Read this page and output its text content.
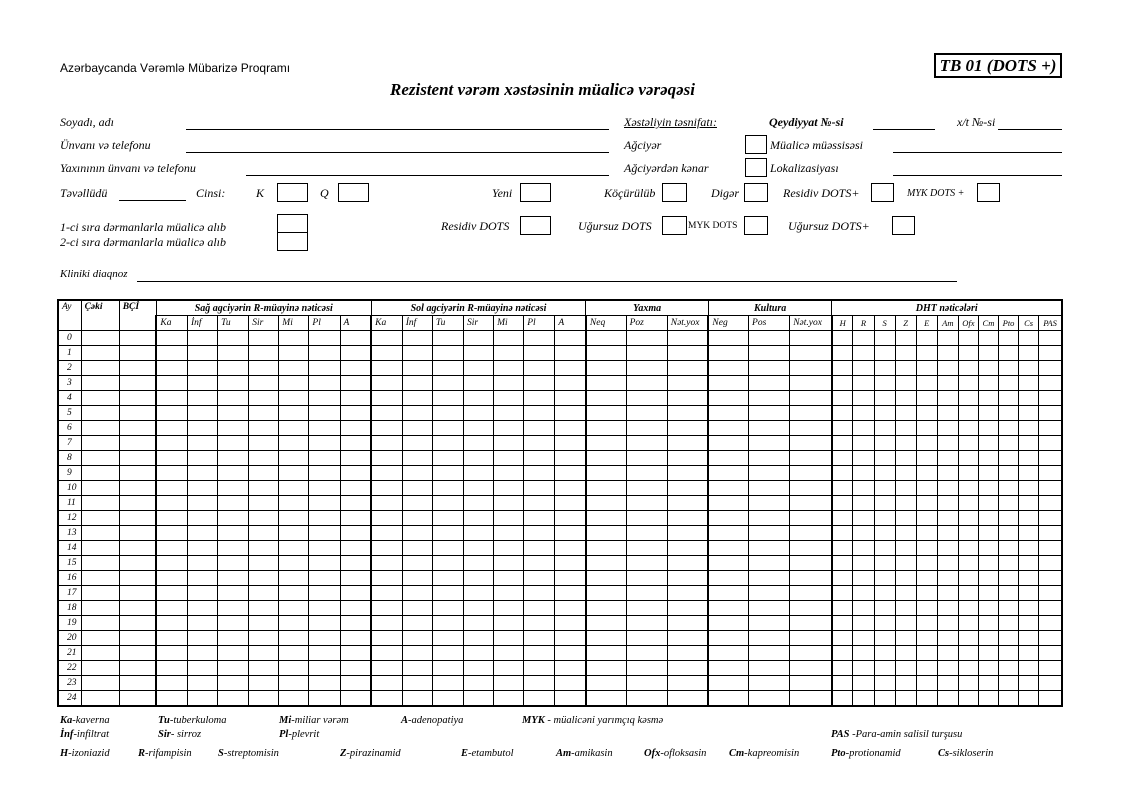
Azərbaycanda Vərəmlə Mübarizə Proqramı	TB 01 (DOTS +)
Rezistent vərəm xəstəsinin müalicə vərəqəsi
Soyadı, adı	Xəstəliyin təsnifatı:	Qeydiyyat №-si	x/t №-si
Ünvanı və telefonu	Ağciyər	Müalicə müəssisəsi
Yaxınının ünvanı və telefonu	Ağciyərdən kənar	Lokalizasiyası
Təvəllüdü	Cinsi:	K	Q	Yeni	Köçürülüb	Digər	Residiv DOTS+	MYK DOTS +
1-ci sıra dərmanlarla müalicə alıb
2-ci sıra dərmanlarla müalicə alıb
Residiv DOTS	Uğursuz DOTS	MYK DOTS	Uğursuz DOTS+
Kliniki diaqnoz
Ay	Çəki	BÇİ	Sağ agciyərin R-müayinə nəticəsi							Sol agciyərin R-müayinə nəticəsi							Yaxma			Kultura			DHT nəticələri										
			Ka	İnf	Tu	Sir	Mi	Pl	A	Ka	İnf	Tu	Sir	Mi	Pl	A	Neq	Poz	Nət.yox	Neg	Pos	Nət.yox	H	R	S	Z	E	Am	Ofx	Cm	Pto	Cs	PAS
0																																	
1																																	
2																																	
3																																	
4																																	
5																																	
6																																	
7																																	
8																																	
9																																	
10																																	
11																																	
12																																	
13																																	
14																																	
15																																	
16																																	
17																																	
18																																	
19																																	
20																																	
21																																	
22																																	
23																																	
24																																	
Ka-kaverna	Tu-tuberkuloma	Mi-miliar vərəm	A-adenopatiya	MYK - müalicəni yarımçıq kəsmə
İnf-infiltrat	Sir- sirroz	Pl-plevrit	PAS -Para-amin salisil turşusu
H-izoniazid	R-rifampisin	S-streptomisin	Z-pirazinamid	E-etambutol	Am-amikasin	Ofx-ofloksasin Cm-kapreomisin	Pto-protionamid	Cs-sikloserin
